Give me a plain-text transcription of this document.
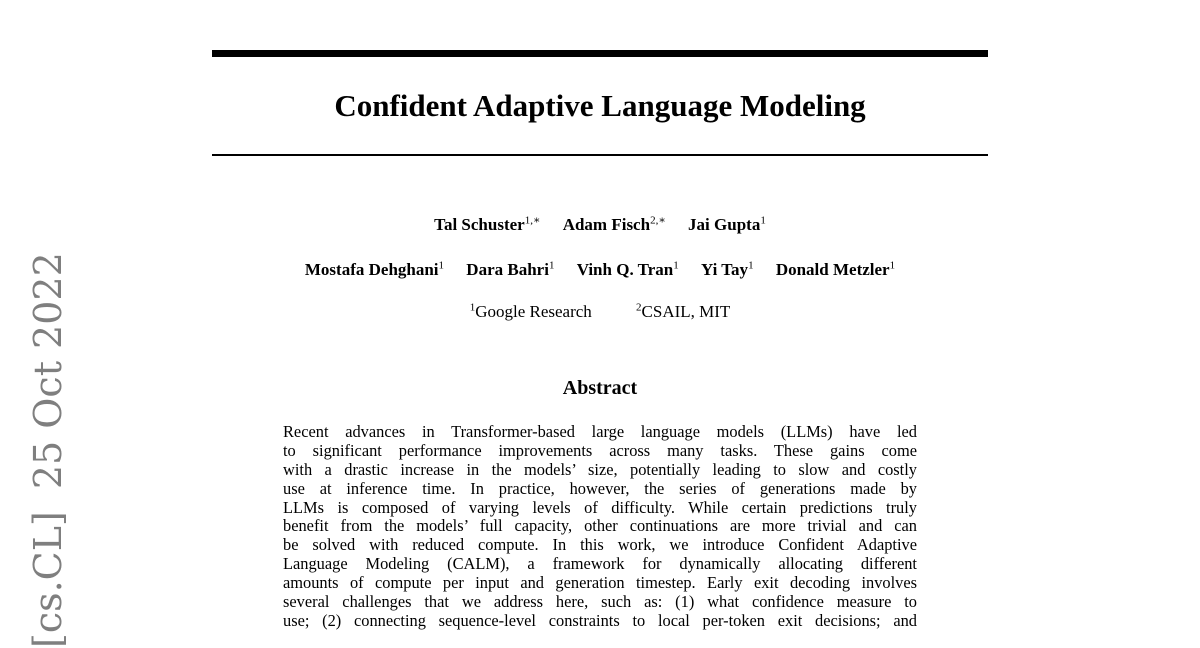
Confident Adaptive Language Modeling
Tal Schuster$^{1,∗}$ Adam Fisch$^{2,∗}$ Jai Gupta$^1$
Mostafa Dehghani$^1$ Dara Bahri$^1$ Vinh Q. Tran$^1$ Yi Tay$^1$ Donald Metzler$^1$
$^1$Google Research	$^2$CSAIL, MIT
Abstract
Recent advances in Transformer-based large language models (LLMs) have led
to significant performance improvements across many tasks. These gains come
with a drastic increase in the models’ size, potentially leading to slow and costly
use at inference time. In practice, however, the series of generations made by
LLMs is composed of varying levels of difficulty. While certain predictions truly
benefit from the models’ full capacity, other continuations are more trivial and can
be solved with reduced compute. In this work, we introduce Confident Adaptive
Language Modeling (CALM), a framework for dynamically allocating different
amounts of compute per input and generation timestep. Early exit decoding involves
several challenges that we address here, such as: (1) what confidence measure to
use; (2) connecting sequence-level constraints to local per-token exit decisions; and
[cs.CL]25 Oct 2022
